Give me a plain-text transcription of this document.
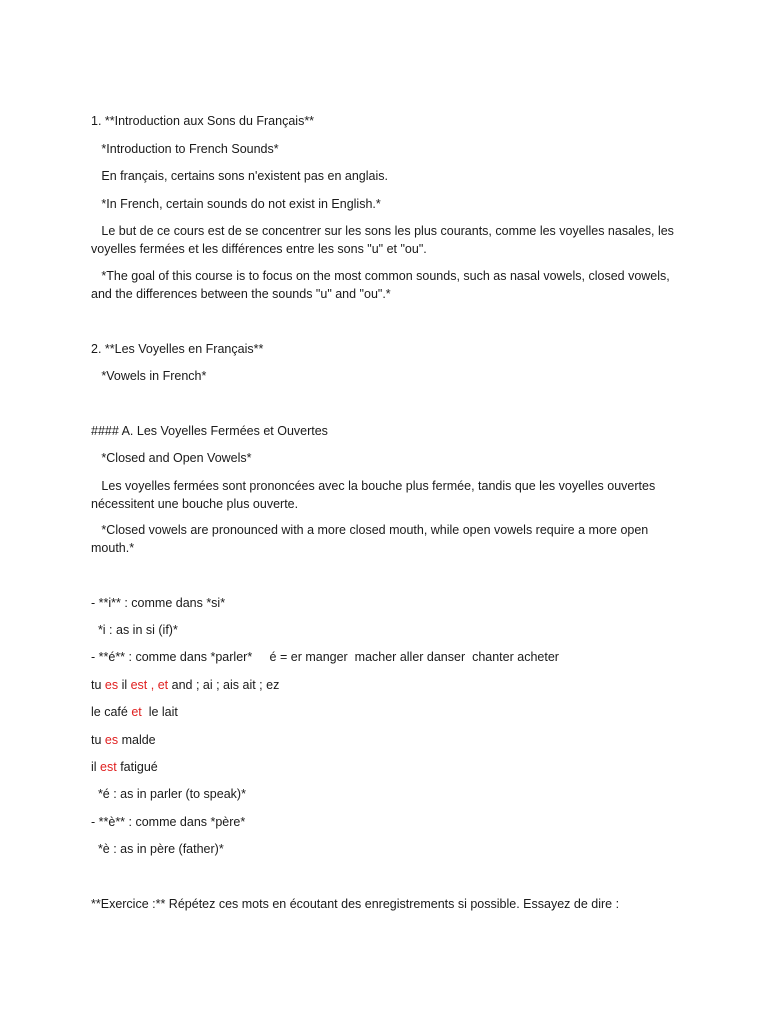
1. **Introduction aux Sons du Français**
*Introduction to French Sounds*
En français, certains sons n'existent pas en anglais.
*In French, certain sounds do not exist in English.*
Le but de ce cours est de se concentrer sur les sons les plus courants, comme les voyelles nasales, les voyelles fermées et les différences entre les sons "u" et "ou".
*The goal of this course is to focus on the most common sounds, such as nasal vowels, closed vowels, and the differences between the sounds "u" and "ou".*
2. **Les Voyelles en Français**
*Vowels in French*
#### A. Les Voyelles Fermées et Ouvertes
*Closed and Open Vowels*
Les voyelles fermées sont prononcées avec la bouche plus fermée, tandis que les voyelles ouvertes nécessitent une bouche plus ouverte.
*Closed vowels are pronounced with a more closed mouth, while open vowels require a more open mouth.*
- **i** : comme dans *si*
*i : as in si (if)*
- **é** : comme dans *parler*     é = er manger  macher aller danser  chanter acheter
tu es il est , et and ; ai ; ais ait ; ez
le café et  le lait
tu es malde
il est fatigué
*é : as in parler (to speak)*
- **è** : comme dans *père*
*è : as in père (father)*
**Exercice :** Répétez ces mots en écoutant des enregistrements si possible. Essayez de dire :
